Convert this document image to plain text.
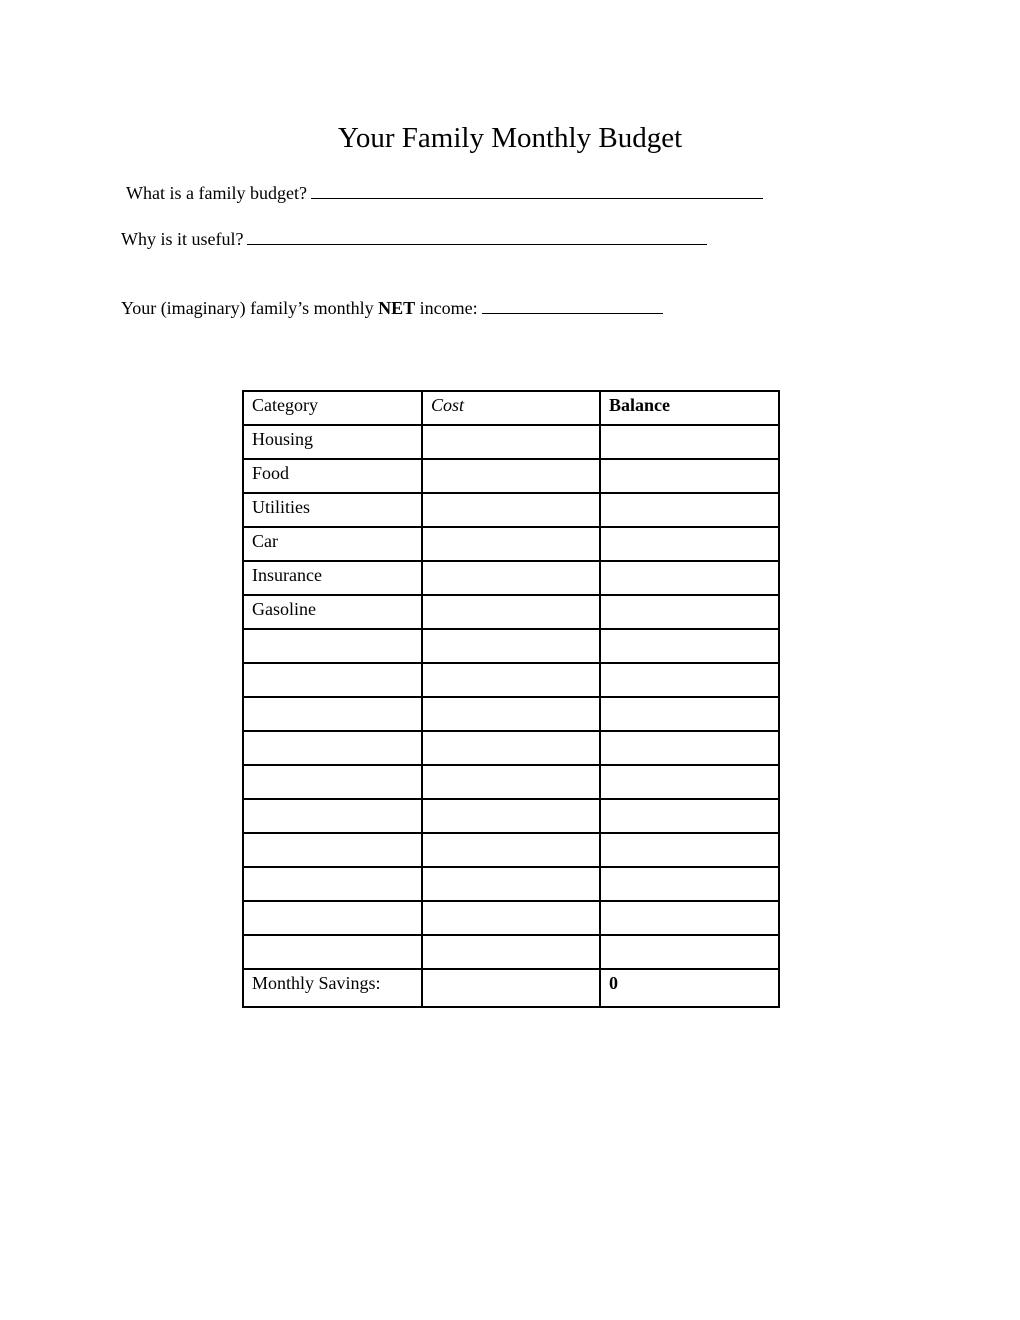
Your Family Monthly Budget
What is a family budget?
Why is it useful?
Your (imaginary) family’s monthly NET income:
Category	Cost	Balance
Housing		
Food		
Utilities		
Car		
Insurance		
Gasoline		

Monthly Savings:		0
